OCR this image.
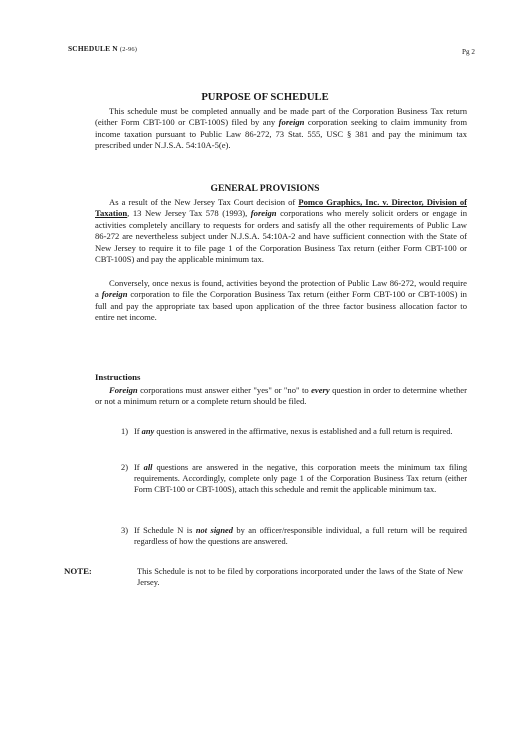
SCHEDULE N (2-96)	Pg 2
PURPOSE OF SCHEDULE

This schedule must be completed annually and be made part of the Corporation Business Tax return (either Form CBT-100 or CBT-100S) filed by any foreign corporation seeking to claim immunity from income taxation pursuant to Public Law 86-272, 73 Stat. 555, USC § 381 and pay the minimum tax prescribed under N.J.S.A. 54:10A-5(e).

GENERAL PROVISIONS

As a result of the New Jersey Tax Court decision of Pomco Graphics, Inc. v. Director, Division of Taxation, 13 New Jersey Tax 578 (1993), foreign corporations who merely solicit orders or engage in activities completely ancillary to requests for orders and satisfy all the other requirements of Public Law 86-272 are nevertheless subject under N.J.S.A. 54:10A-2 and have sufficient connection with the State of New Jersey to require it to file page 1 of the Corporation Business Tax return (either Form CBT-100 or CBT-100S) and pay the applicable minimum tax.

Conversely, once nexus is found, activities beyond the protection of Public Law 86-272, would require a foreign corporation to file the Corporation Business Tax return (either Form CBT-100 or CBT-100S) in full and pay the appropriate tax based upon application of the three factor business allocation factor to entire net income.

Instructions

Foreign corporations must answer either "yes" or "no" to every question in order to determine whether or not a minimum return or a complete return should be filed.

1) If any question is answered in the affirmative, nexus is established and a full return is required.
2) If all questions are answered in the negative, this corporation meets the minimum tax filing requirements. Accordingly, complete only page 1 of the Corporation Business Tax return (either Form CBT-100 or CBT-100S), attach this schedule and remit the applicable minimum tax.
3) If Schedule N is not signed by an officer/responsible individual, a full return will be required regardless of how the questions are answered.
NOTE:	This Schedule is not to be filed by corporations incorporated under the laws of the State of New Jersey.
